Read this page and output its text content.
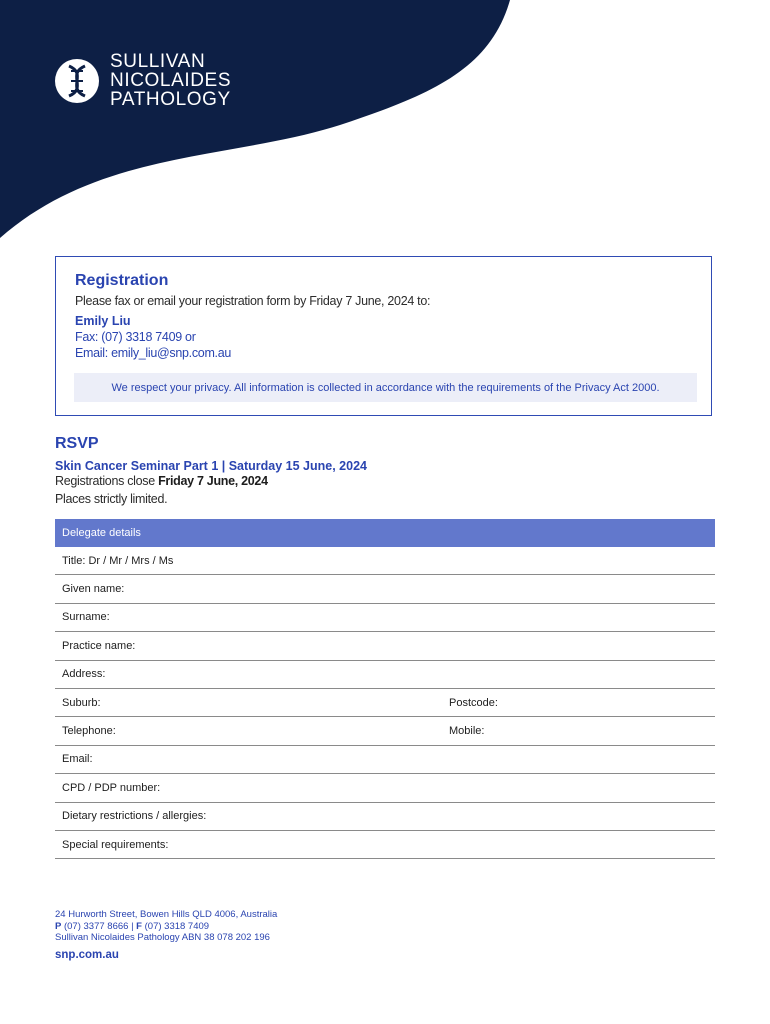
SULLIVAN
NICOLAIDES
PATHOLOGY
Registration
Please fax or email your registration form by Friday 7 June, 2024 to:
Emily Liu
Fax: (07) 3318 7409 or
Email: emily_liu@snp.com.au
We respect your privacy. All information is collected in accordance with the requirements of the Privacy Act 2000.
RSVP
Skin Cancer Seminar Part 1 | Saturday 15 June, 2024
Registrations close Friday 7 June, 2024
Places strictly limited.
Delegate details
Title: Dr / Mr / Mrs / Ms
Given name:
Surname:
Practice name:
Address:
Suburb:	Postcode:
Telephone:	Mobile:
Email:
CPD / PDP number:
Dietary restrictions / allergies:
Special requirements:
24 Hurworth Street, Bowen Hills QLD 4006, Australia
P (07) 3377 8666 | F (07) 3318 7409
Sullivan Nicolaides Pathology ABN 38 078 202 196
snp.com.au
